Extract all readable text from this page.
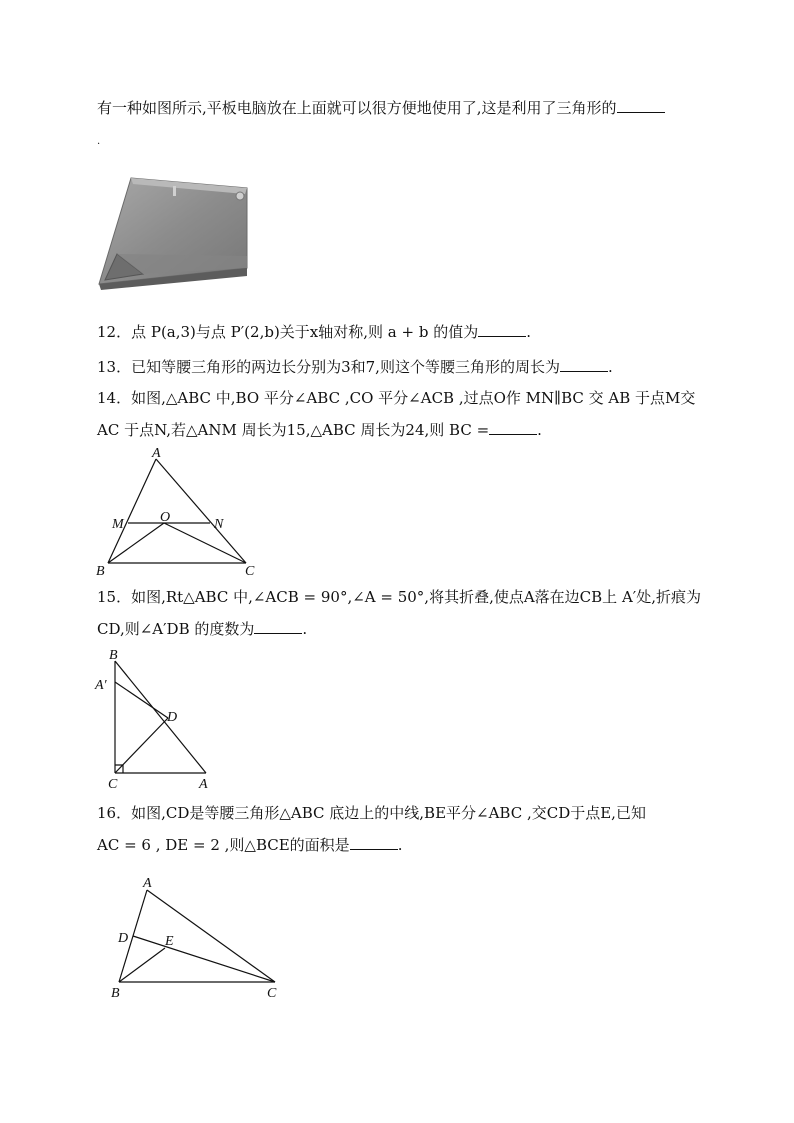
有一种如图所示,平板电脑放在上面就可以很方便地使用了,这是利用了三角形的
.
12．点 P(a,3)与点 P′(2,b)关于x轴对称,则 a + b 的值为	.
13．已知等腰三角形的两边长分别为3和7,则这个等腰三角形的周长为	.
14．如图,△ABC 中,BO 平分∠ABC ,CO 平分∠ACB ,过点O作 MN∥BC 交 AB 于点M交
AC 于点N,若△ANM 周长为15,△ABC 周长为24,则 BC =	.
A
B	C
M	N
O
15．如图,Rt△ABC 中,∠ACB = 90°,∠A = 50°,将其折叠,使点A落在边CB上 A′处,折痕为
CD,则∠A′DB 的度数为	.
B
A′
D
C	A
16．如图,CD是等腰三角形△ABC 底边上的中线,BE平分∠ABC ,交CD于点E,已知
AC = 6 , DE = 2 ,则△BCE的面积是	.
A
D	E
B	C
